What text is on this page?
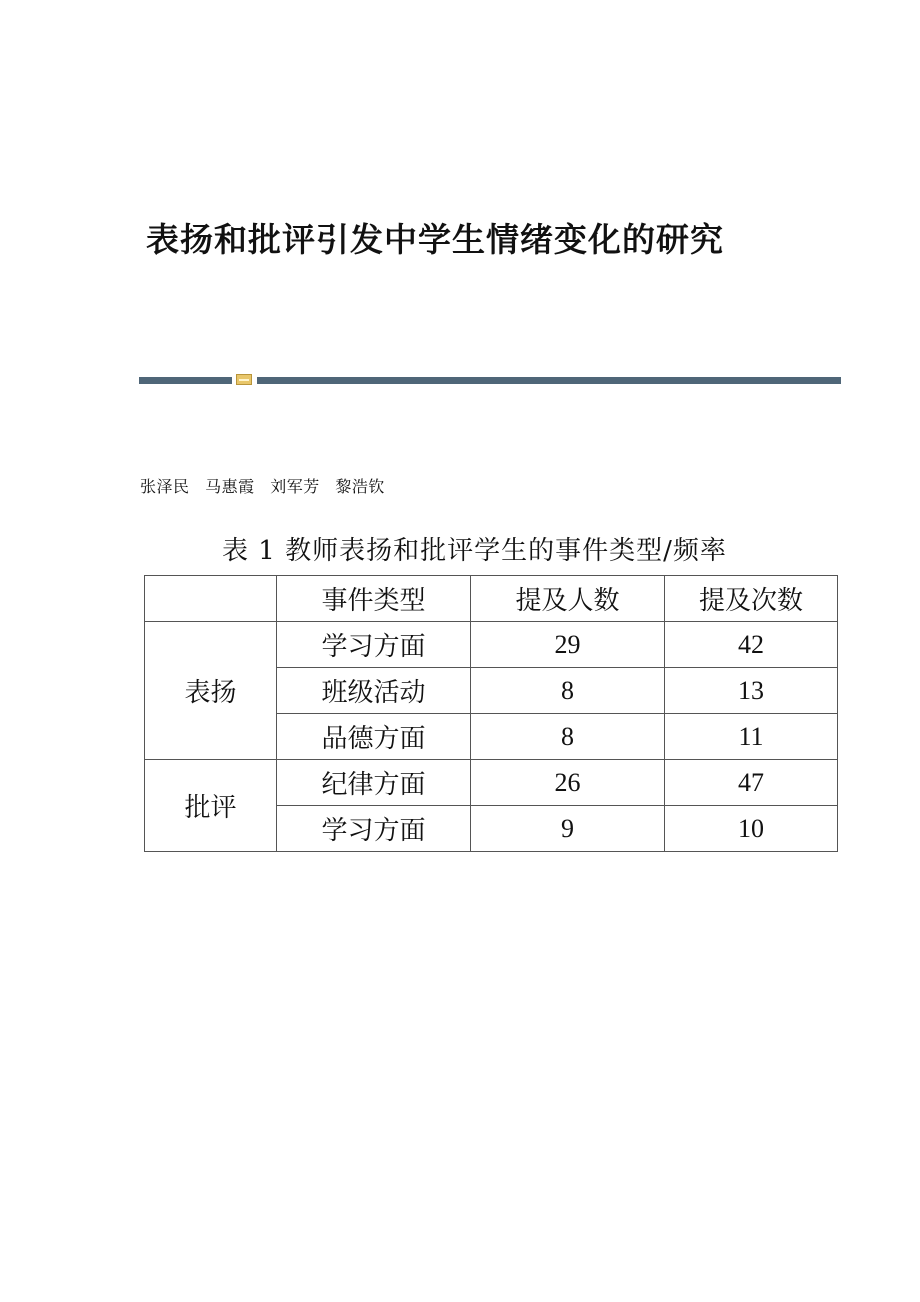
表扬和批评引发中学生情绪变化的研究
张泽民 马惠霞 刘军芳 黎浩钦
表 1 教师表扬和批评学生的事件类型/频率
	事件类型	提及人数	提及次数
表扬	学习方面	29	42
	班级活动	8	13
	品德方面	8	11
批评	纪律方面	26	47
	学习方面	9	10
